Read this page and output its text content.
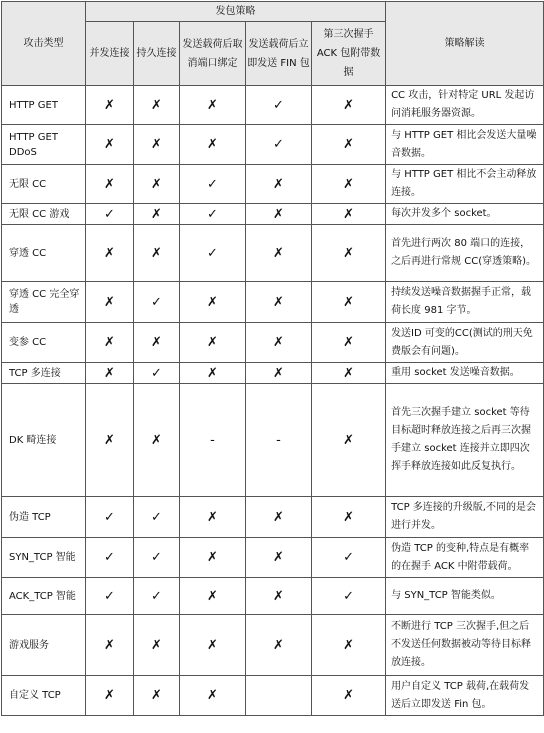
攻击类型	发包策略					策略解读
	并发连接	持久连接	发送载荷后取消端口绑定	发送载荷后立即发送 FIN 包	第三次握手 ACK 包附带数据	
HTTP GET	✗	✗	✗	✓	✗	CC 攻击，针对特定 URL 发起访问消耗服务器资源。
HTTP GET DDoS	✗	✗	✗	✓	✗	与 HTTP GET 相比会发送大量噪音数据。
无限 CC	✗	✗	✓	✗	✗	与 HTTP GET 相比不会主动释放连接。
无限 CC 游戏	✓	✗	✓	✗	✗	每次并发多个 socket。
穿透 CC	✗	✗	✓	✗	✗	首先进行两次 80 端口的连接，之后再进行常规 CC(穿透策略)。
穿透 CC 完全穿透	✗	✓	✗	✗	✗	持续发送噪音数据握手正常，载荷长度 981 字节。
变参 CC	✗	✗	✗	✗	✗	发送ID 可变的CC(测试的刑天免费版会有问题)。
TCP 多连接	✗	✓	✗	✗	✗	重用 socket 发送噪音数据。
DK 畸连接	✗	✗	-	-	✗	首先三次握手建立 socket 等待目标超时释放连接之后再三次握手建立 socket 连接并立即四次挥手释放连接如此反复执行。
伪造 TCP	✓	✓	✗	✗	✗	TCP 多连接的升级版,不同的是会进行并发。
SYN_TCP 智能	✓	✓	✗	✗	✓	伪造 TCP 的变种,特点是有概率的在握手 ACK 中附带载荷。
ACK_TCP 智能	✓	✓	✗	✗	✓	与 SYN_TCP 智能类似。
游戏服务	✗	✗	✗	✗	✗	不断进行 TCP 三次握手,但之后不发送任何数据被动等待目标释放连接。
自定义 TCP	✗	✗	✗		✗	用户自定义 TCP 载荷,在载荷发送后立即发送 Fin 包。
